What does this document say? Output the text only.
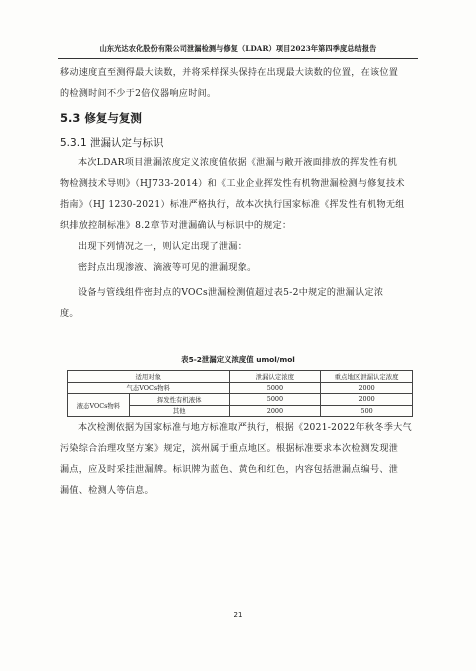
山东光达农化股份有限公司泄漏检测与修复（LDAR）项目2023年第四季度总结报告
移动速度直至测得最大读数，并将采样探头保持在出现最大读数的位置，在该位置
的检测时间不少于2倍仪器响应时间。
5.3 修复与复测
5.3.1 泄漏认定与标识
本次LDAR项目泄漏浓度定义浓度值依据《泄漏与敞开液面排放的挥发性有机
物检测技术导则》（HJ733-2014）和《工业企业挥发性有机物泄漏检测与修复技术
指南》（HJ 1230-2021）标准严格执行，故本次执行国家标准《挥发性有机物无组
织排放控制标准》8.2章节对泄漏确认与标识中的规定：
出现下列情况之一，则认定出现了泄漏：
密封点出现渗液、滴液等可见的泄漏现象。
设备与管线组件密封点的VOCs泄漏检测值超过表5-2中规定的泄漏认定浓
度。
表5-2泄漏定义浓度值 umol/mol
适用对象		泄漏认定浓度	重点地区泄漏认定浓度
气态VOCs物料		5000	2000
液态VOCs物料	挥发性有机液体	5000	2000
	其他	2000	500
本次检测依据为国家标准与地方标准取严执行，根据《2021-2022年秋冬季大气
污染综合治理攻坚方案》规定，滨州属于重点地区。根据标准要求本次检测发现泄
漏点，应及时采挂泄漏牌。标识牌为蓝色、黄色和红色，内容包括泄漏点编号、泄
漏值、检测人等信息。
21
